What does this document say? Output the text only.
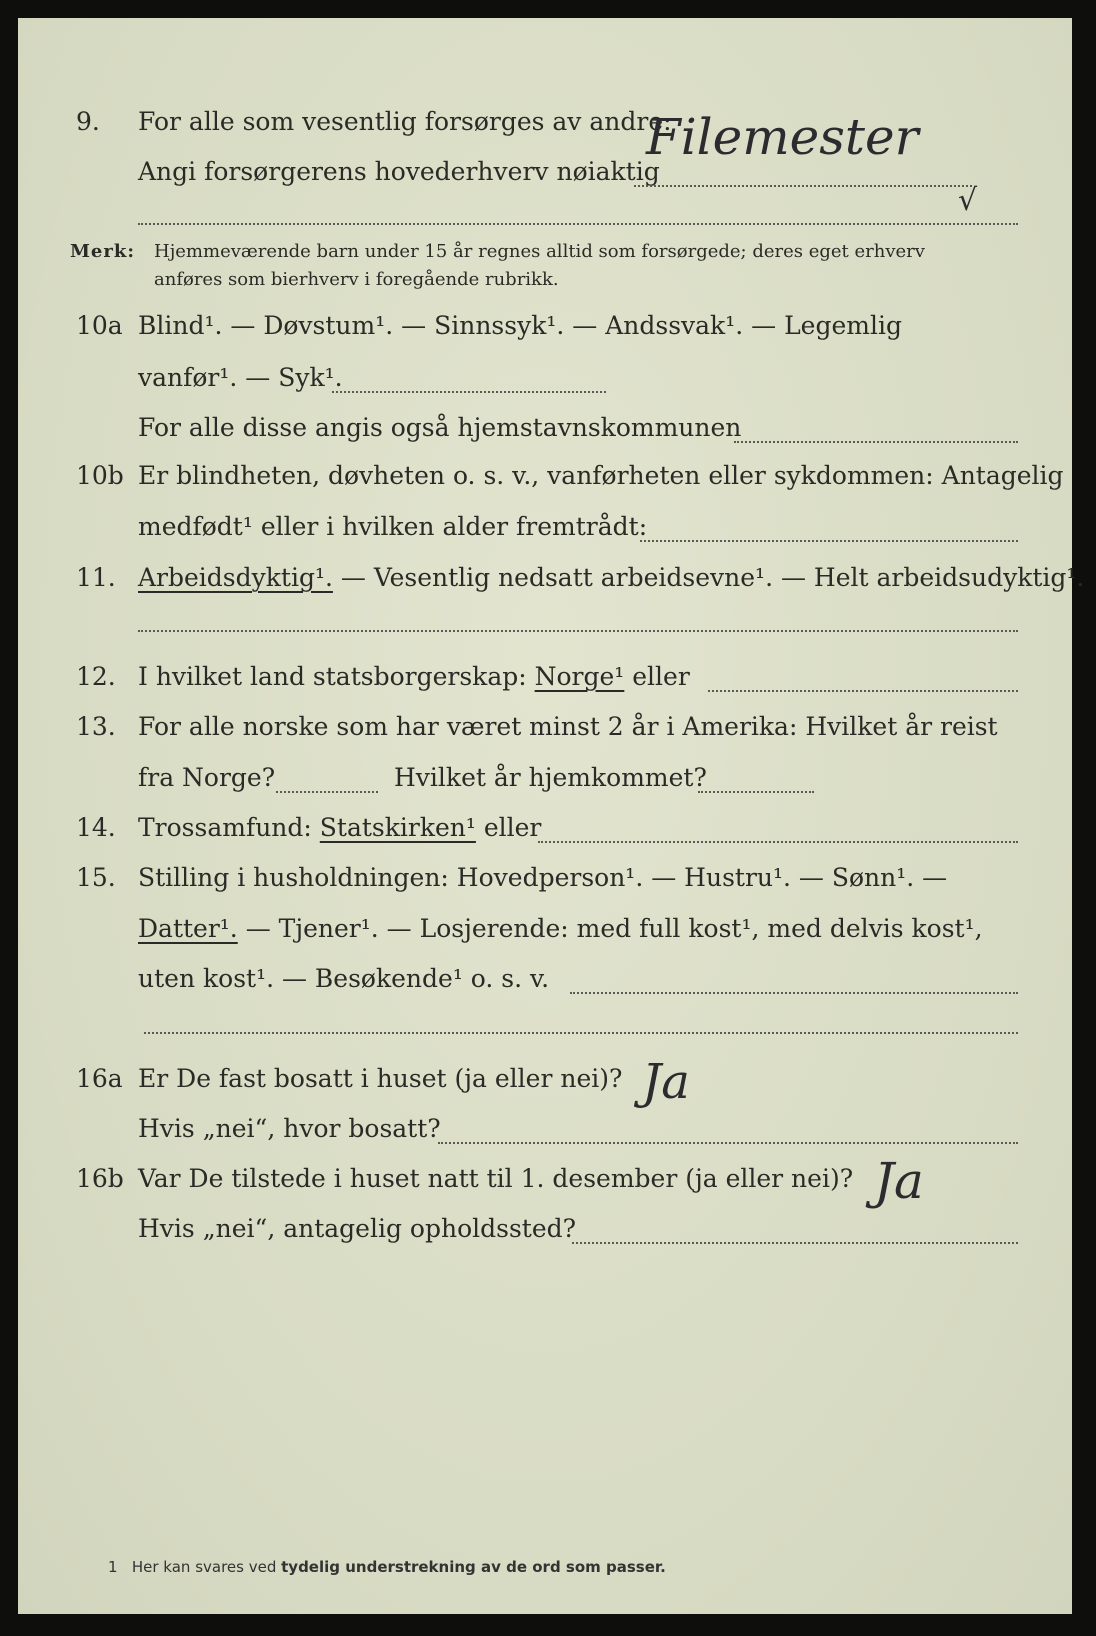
9. For alle som vesentlig forsørges av andre:
Angi forsørgerens hovederhverv nøiaktig
Filemester
√
Merk: Hjemmeværende barn under 15 år regnes alltid som forsørgede; deres eget erhverv
anføres som bierhverv i foregående rubrikk.
10a Blind¹. — Døvstum¹. — Sinnssyk¹. — Andssvak¹. — Legemlig
vanfør¹. — Syk¹.
For alle disse angis også hjemstavnskommunen
10b Er blindheten, døvheten o. s. v., vanførheten eller sykdommen: Antagelig
medfødt¹ eller i hvilken alder fremtrådt:
11. Arbeidsdyktig¹. — Vesentlig nedsatt arbeidsevne¹. — Helt arbeidsudyktig¹.
12. I hvilket land statsborgerskap: Norge¹ eller
13. For alle norske som har været minst 2 år i Amerika: Hvilket år reist
fra Norge?	Hvilket år hjemkommet?
14. Trossamfund: Statskirken¹ eller
15. Stilling i husholdningen: Hovedperson¹. — Hustru¹. — Sønn¹. —
Datter¹. — Tjener¹. — Losjerende: med full kost¹, med delvis kost¹,
uten kost¹. — Besøkende¹ o. s. v.
16a Er De fast bosatt i huset (ja eller nei)? Ja
Hvis „nei“, hvor bosatt?
16b Var De tilstede i huset natt til 1. desember (ja eller nei)? Ja
Hvis „nei“, antagelig opholdssted?
1 Her kan svares ved tydelig understrekning av de ord som passer.
